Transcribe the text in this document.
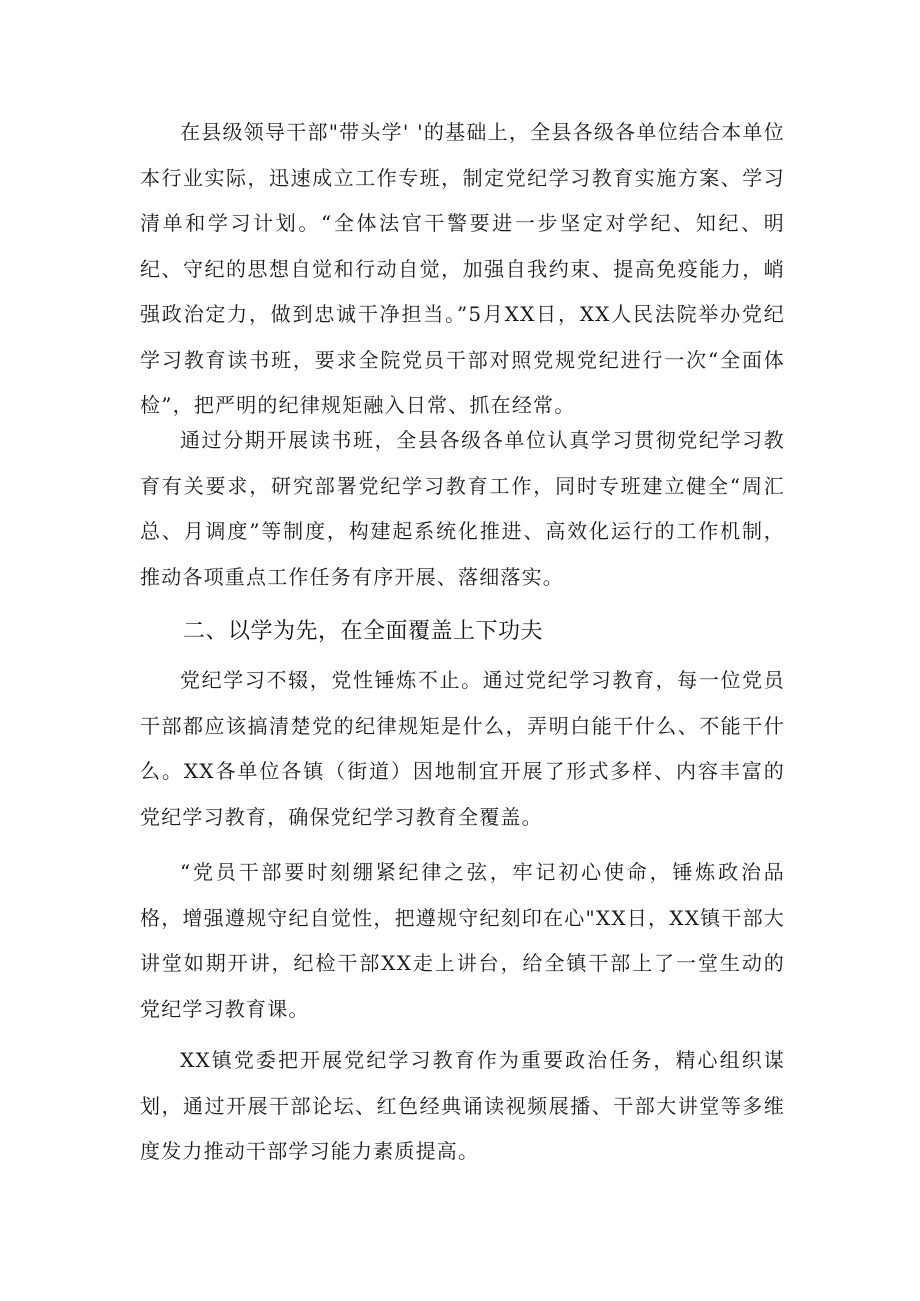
在县级领导干部"带头学' '的基础上，全县各级各单位结合本单位本行业实际，迅速成立工作专班，制定党纪学习教育实施方案、学习清单和学习计划。“全体法官干警要进一步坚定对学纪、知纪、明纪、守纪的思想自觉和行动自觉，加强自我约束、提高免疫能力，峭强政治定力，做到忠诚干净担当。”5月XX日，XX人民法院举办党纪学习教育读书班，要求全院党员干部对照党规党纪进行一次“全面体检”，把严明的纪律规矩融入日常、抓在经常。

通过分期开展读书班，全县各级各单位认真学习贯彻党纪学习教育有关要求，研究部署党纪学习教育工作，同时专班建立健全“周汇总、月调度”等制度，构建起系统化推进、高效化运行的工作机制，推动各项重点工作任务有序开展、落细落实。

二、以学为先，在全面覆盖上下功夫

党纪学习不辍，党性锤炼不止。通过党纪学习教育，每一位党员干部都应该搞清楚党的纪律规矩是什么，弄明白能干什么、不能干什么。XX各单位各镇（街道）因地制宜开展了形式多样、内容丰富的党纪学习教育，确保党纪学习教育全覆盖。

“党员干部要时刻绷紧纪律之弦，牢记初心使命，锤炼政治品格，增强遵规守纪自觉性，把遵规守纪刻印在心"XX日，XX镇干部大讲堂如期开讲，纪检干部XX走上讲台，给全镇干部上了一堂生动的党纪学习教育课。

XX镇党委把开展党纪学习教育作为重要政治任务，精心组织谋划，通过开展干部论坛、红色经典诵读视频展播、干部大讲堂等多维度发力推动干部学习能力素质提高。
